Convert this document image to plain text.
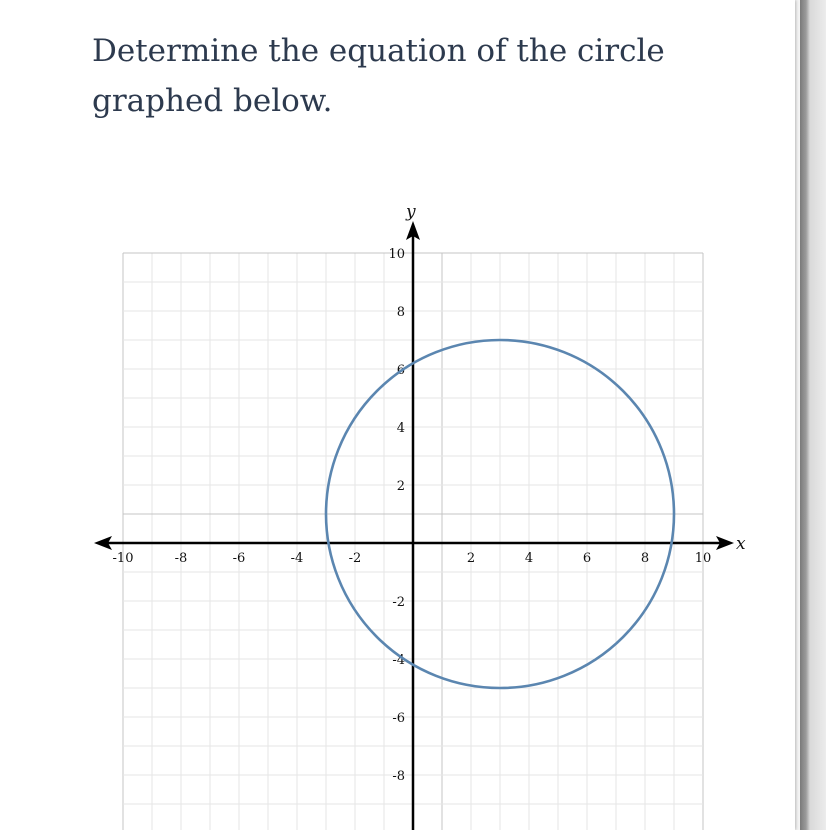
Determine the equation of the circle
graphed below.
-10	-8	-6	-4	-2	2	4	6	8	10
10
8
6
4
2
-2
-4
-6
-8
x
y
